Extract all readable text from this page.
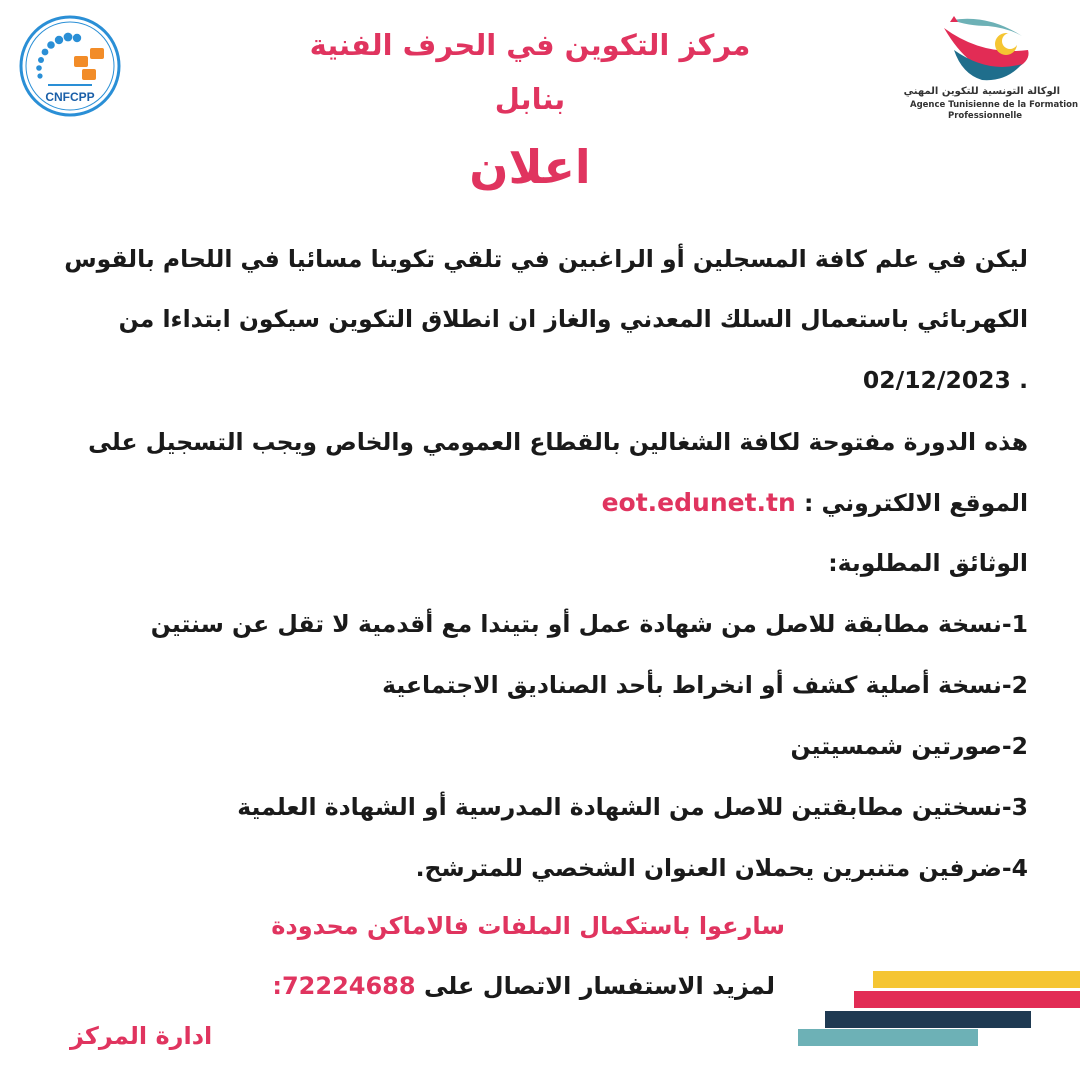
CNFCPP	الوكالة التونسية للتكوين المهني
Agence Tunisienne de la Formation
Professionnelle
مركز التكوين في الحرف الفنية
بنابل
اعلان
ليكن في علم كافة المسجلين أو الراغبين في تلقي تكوينا مسائيا في اللحام بالقوس
الكهربائي باستعمال السلك المعدني والغاز ان انطلاق التكوين سيكون ابتداءا من
02/12/2023 .
هذه الدورة مفتوحة لكافة الشغالين بالقطاع العمومي والخاص ويجب التسجيل على
الموقع الالكتروني : eot.edunet.tn
الوثائق المطلوبة:
1-نسخة مطابقة للاصل من شهادة عمل أو بتيندا مع أقدمية لا تقل عن سنتين
2-نسخة أصلية كشف أو انخراط بأحد الصناديق الاجتماعية
2-صورتين شمسيتين
3-نسختين مطابقتين للاصل من الشهادة المدرسية أو الشهادة العلمية
4-ضرفين متنبرين يحملان العنوان الشخصي للمترشح.
سارعوا باستكمال الملفات فالاماكن محدودة
لمزيد الاستفسار الاتصال على :72224688
ادارة المركز
